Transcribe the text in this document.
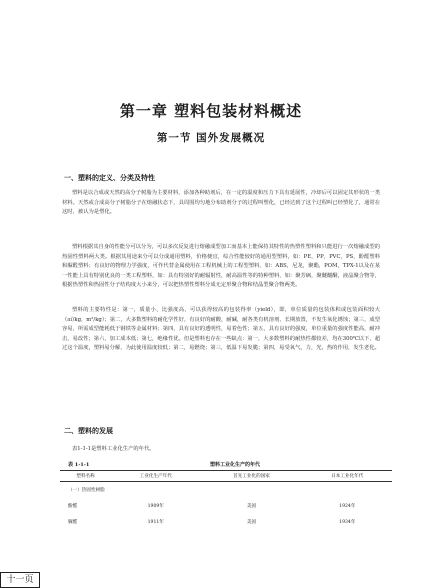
第一章 塑料包装材料概述
第一节 国外发展概况
一、塑料的定义、分类及特性
塑料是以合成或天然的高分子树脂为主要材料，添加各种助剂后，在一定的温度和压力下具有延展性，冷却后可以固定其形状的一类材料。天然或合成高分子树脂分子在熔融状态下，具周围均匀地分布助剂分子的过程叫塑化，已经达到了这个过程叫已经塑化了，通常在这时，被认为是塑化。
塑料根据其自身的性能分可以分为，可以多次反复进行熔融成型加工而基本上能保持其特性的热塑性塑料和只能进行一次熔融成型的热固性塑料两大类。根据其用途来分可以分成通用塑料，价格便宜，综合性能较好的通用型塑料，如：PE，PP，PVC，PS，酚醛塑料和脲醛塑料；有良好的物理力学强度，可作代替金属使用在工程机械上的工程型塑料，如：ABS，尼龙，聚酯，POM，TPX-1以及在某一性能上具有特别优良的一类工程塑料，如：具有特别好的耐辐射性，耐高温性等的特种塑料，如：聚芳砜，聚醚醚酮，液晶聚合物等，根据热塑性和热固性分子结构度大小来分，可以把热塑性塑料分成无定形聚合物和结晶型聚合物两类。
塑料的主要特性是：第一，质量小，比强度高，可以获得较高的包装得率（yield），即，单位质量的包装体积或包装面积较大（㎡/kg，m²/kg）；第二，大多数塑料的耐化学性好，有良好的耐酸，耐碱，耐各类有机溶剂，长期放置，不发生氧化锈蚀；第三，成型容易，所需成型能耗低于钢铁等金属材料；第四，具有良好的透明性，易着色性；第五，具有良好的强度，单位重量的强度性能高，耐冲击，易改性；第六，加工成本低；第七，绝缘性优。但是塑料也存在一些缺点：第一，大多数塑料的耐热性都较差，均在300℃以下，超过这个温度，塑料易分解，为此使用温度较低；第二，易燃烧；第三，低温下易发脆；第四，易受氧气，力，光，热的作用，发生老化。
二、塑料的发展
表1-1-1是塑料工业化生产的年代。
表 1-1-1	塑料工业化生产的年代
塑料名称	工业化生产年代	首先工业化的国家	日本工业化年代
（一）热固性树脂			
酚醛	1909年	美国	1924年
脲醛	1911年	美国	1934年
十一页
